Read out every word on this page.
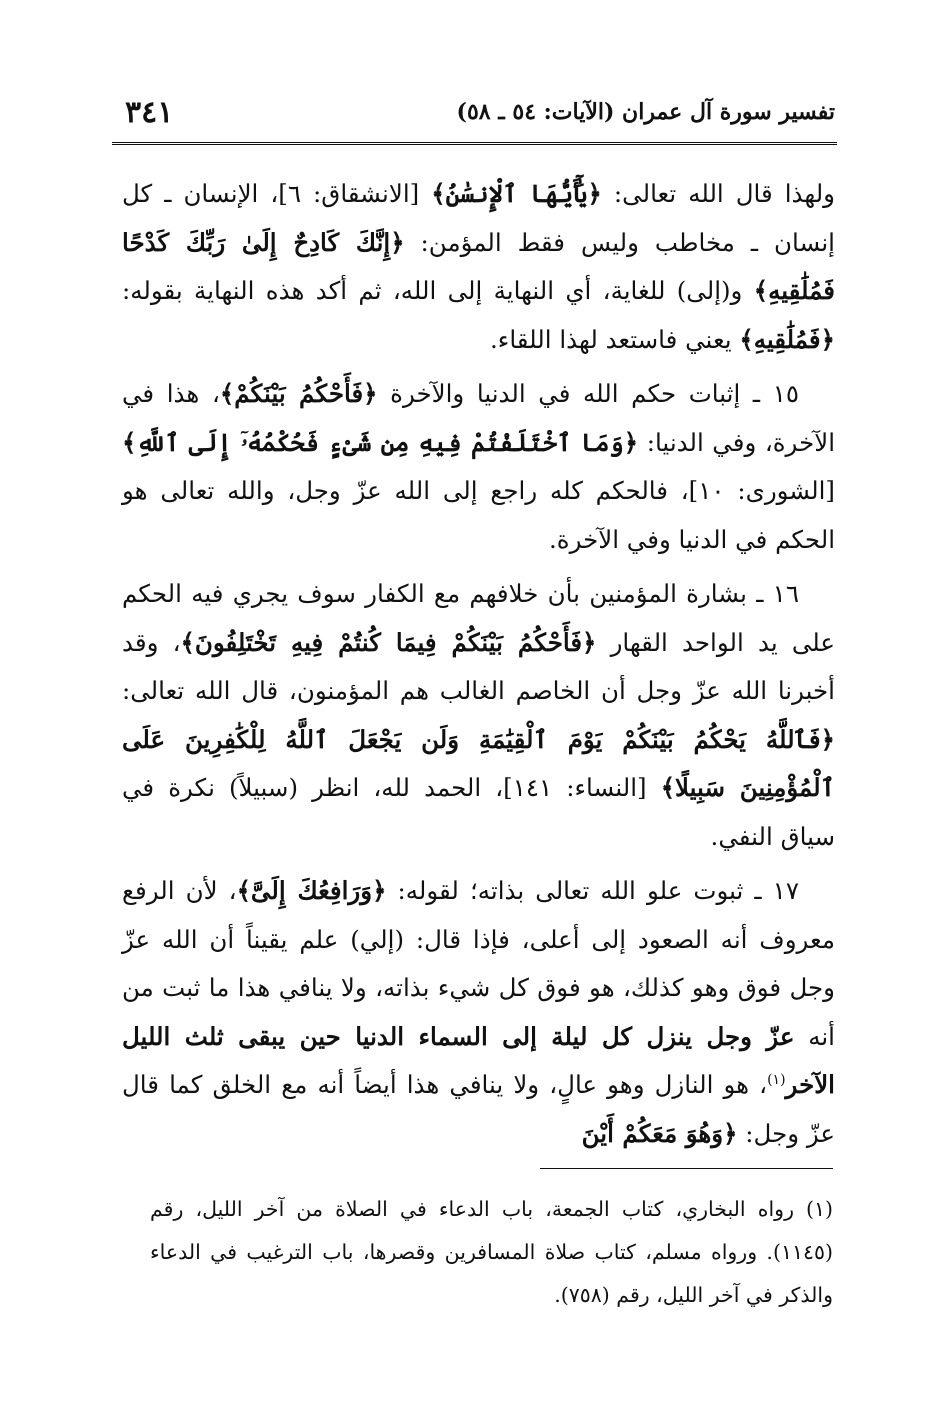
تفسير سورة آل عمران (الآيات: ٥٤ ـ ٥٨)
٣٤١

ولهذا قال الله تعالى: ﴿يَٰٓأَيُّهَا ٱلْإِنسَٰنُ﴾ [الانشقاق: ٦]، الإنسان ـ كل إنسان ـ مخاطب وليس فقط المؤمن: ﴿إِنَّكَ كَادِحٌ إِلَىٰ رَبِّكَ كَدْحًا فَمُلَٰقِيهِ﴾ و(إلى) للغاية، أي النهاية إلى الله، ثم أكد هذه النهاية بقوله: ﴿فَمُلَٰقِيهِ﴾ يعني فاستعد لهذا اللقاء.

١٥ ـ إثبات حكم الله في الدنيا والآخرة ﴿فَأَحْكُمُ بَيْنَكُمْ﴾، هذا في الآخرة، وفي الدنيا: ﴿وَمَا ٱخْتَلَفْتُمْ فِيهِ مِن شَىْءٍ فَحُكْمُهُۥٓ إِلَى ٱللَّهِ﴾ [الشورى: ١٠]، فالحكم كله راجع إلى الله عزّ وجل، والله تعالى هو الحكم في الدنيا وفي الآخرة.

١٦ ـ بشارة المؤمنين بأن خلافهم مع الكفار سوف يجري فيه الحكم على يد الواحد القهار ﴿فَأَحْكُمُ بَيْنَكُمْ فِيمَا كُنتُمْ فِيهِ تَخْتَلِفُونَ﴾، وقد أخبرنا الله عزّ وجل أن الخاصم الغالب هم المؤمنون، قال الله تعالى: ﴿فَٱللَّهُ يَحْكُمُ بَيْنَكُمْ يَوْمَ ٱلْقِيَٰمَةِ وَلَن يَجْعَلَ ٱللَّهُ لِلْكَٰفِرِينَ عَلَى ٱلْمُؤْمِنِينَ سَبِيلًا﴾ [النساء: ١٤١]، الحمد لله، انظر (سبيلاً) نكرة في سياق النفي.

١٧ ـ ثبوت علو الله تعالى بذاته؛ لقوله: ﴿وَرَافِعُكَ إِلَىَّ﴾، لأن الرفع معروف أنه الصعود إلى أعلى، فإذا قال: (إلي) علم يقيناً أن الله عزّ وجل فوق وهو كذلك، هو فوق كل شيء بذاته، ولا ينافي هذا ما ثبت من أنه عزّ وجل ينزل كل ليلة إلى السماء الدنيا حين يبقى ثلث الليل الآخر$^{(١)}$، هو النازل وهو عالٍ، ولا ينافي هذا أيضاً أنه مع الخلق كما قال عزّ وجل: ﴿وَهُوَ مَعَكُمْ أَيْنَ

(١)رواه البخاري، كتاب الجمعة، باب الدعاء في الصلاة من آخر الليل، رقم (١١٤٥). ورواه مسلم، كتاب صلاة المسافرين وقصرها، باب الترغيب في الدعاء والذكر في آخر الليل، رقم (٧٥٨).
